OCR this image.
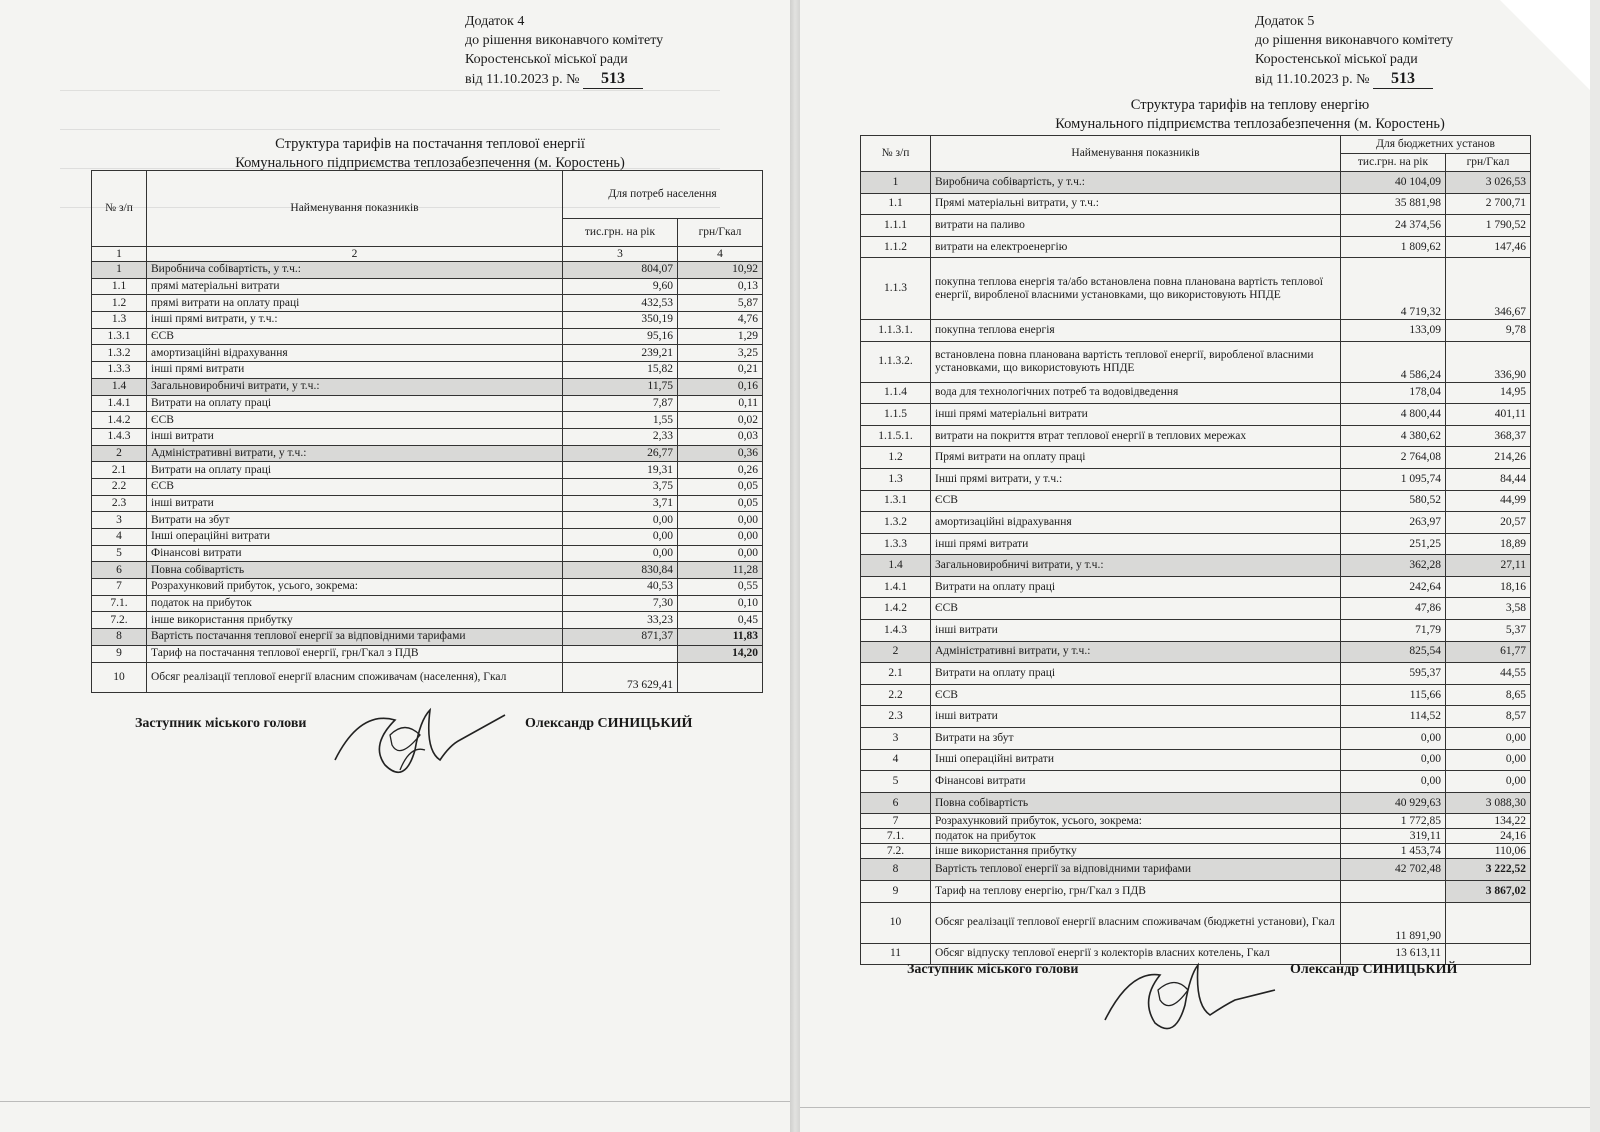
Додаток 4
до рішення виконавчого комітету
Коростенської міської ради
від 11.10.2023 р. № 513
Структура тарифів на постачання теплової енергії
Комунального підприємства теплозабезпечення (м. Коростень)
№ з/п	Найменування показників	Для потреб населення	
		тис.грн. на рік	грн/Гкал
1	2	3	4
1	Виробнича собівартість, у т.ч.:	804,07	10,92
1.1	прямі матеріальні витрати	9,60	0,13
1.2	прямі витрати на оплату праці	432,53	5,87
1.3	інші прямі витрати, у т.ч.:	350,19	4,76
1.3.1	ЄСВ	95,16	1,29
1.3.2	амортизаційні відрахування	239,21	3,25
1.3.3	інші прямі витрати	15,82	0,21
1.4	Загальновиробничі витрати, у т.ч.:	11,75	0,16
1.4.1	Витрати на оплату праці	7,87	0,11
1.4.2	ЄСВ	1,55	0,02
1.4.3	інші витрати	2,33	0,03
2	Адміністративні витрати, у т.ч.:	26,77	0,36
2.1	Витрати на оплату праці	19,31	0,26
2.2	ЄСВ	3,75	0,05
2.3	інші витрати	3,71	0,05
3	Витрати на збут	0,00	0,00
4	Інші операційні витрати	0,00	0,00
5	Фінансові витрати	0,00	0,00
6	Повна собівартість	830,84	11,28
7	Розрахунковий прибуток, усього, зокрема:	40,53	0,55
7.1.	податок на прибуток	7,30	0,10
7.2.	інше використання прибутку	33,23	0,45
8	Вартість постачання теплової енергії за відповідними тарифами	871,37	11,83
9	Тариф на постачання теплової енергії, грн/Гкал з ПДВ		14,20
10	Обсяг реалізації теплової енергії власним споживачам (населення), Гкал	73 629,41	
Заступник міського голови	Олександр СИНИЦЬКИЙ
Додаток 5
до рішення виконавчого комітету
Коростенської міської ради
від 11.10.2023 р. № 513
Структура тарифів на теплову енергію
Комунального підприємства теплозабезпечення (м. Коростень)
№ з/п	Найменування показників	Для бюджетних установ	
		тис.грн. на рік	грн/Гкал
1	Виробнича собівартість, у т.ч.:	40 104,09	3 026,53
1.1	Прямі матеріальні витрати, у т.ч.:	35 881,98	2 700,71
1.1.1	витрати на паливо	24 374,56	1 790,52
1.1.2	витрати на електроенергію	1 809,62	147,46
1.1.3	покупна теплова енергія та/або встановлена повна планована вартість теплової енергії, виробленої власними установками, що використовують НПДЕ	4 719,32	346,67
1.1.3.1.	покупна теплова енергія	133,09	9,78
1.1.3.2.	встановлена повна планована вартість теплової енергії, виробленої власними установками, що використовують НПДЕ	4 586,24	336,90
1.1.4	вода для технологічних потреб та водовідведення	178,04	14,95
1.1.5	інші прямі матеріальні витрати	4 800,44	401,11
1.1.5.1.	витрати на покриття втрат теплової енергії в теплових мережах	4 380,62	368,37
1.2	Прямі витрати на оплату праці	2 764,08	214,26
1.3	Інші прямі витрати, у т.ч.:	1 095,74	84,44
1.3.1	ЄСВ	580,52	44,99
1.3.2	амортизаційні відрахування	263,97	20,57
1.3.3	інші прямі витрати	251,25	18,89
1.4	Загальновиробничі витрати, у т.ч.:	362,28	27,11
1.4.1	Витрати на оплату праці	242,64	18,16
1.4.2	ЄСВ	47,86	3,58
1.4.3	інші витрати	71,79	5,37
2	Адміністративні витрати, у т.ч.:	825,54	61,77
2.1	Витрати на оплату праці	595,37	44,55
2.2	ЄСВ	115,66	8,65
2.3	інші витрати	114,52	8,57
3	Витрати на збут	0,00	0,00
4	Інші операційні витрати	0,00	0,00
5	Фінансові витрати	0,00	0,00
6	Повна собівартість	40 929,63	3 088,30
7	Розрахунковий прибуток, усього, зокрема:	1 772,85	134,22
7.1.	податок на прибуток	319,11	24,16
7.2.	інше використання прибутку	1 453,74	110,06
8	Вартість теплової енергії за відповідними тарифами	42 702,48	3 222,52
9	Тариф на теплову енергію, грн/Гкал з ПДВ		3 867,02
10	Обсяг реалізації теплової енергії власним споживачам (бюджетні установи), Гкал	11 891,90	
11	Обсяг відпуску теплової енергії з колекторів власних котелень, Гкал	13 613,11	
Заступник міського голови	Олександр СИНИЦЬКИЙ
